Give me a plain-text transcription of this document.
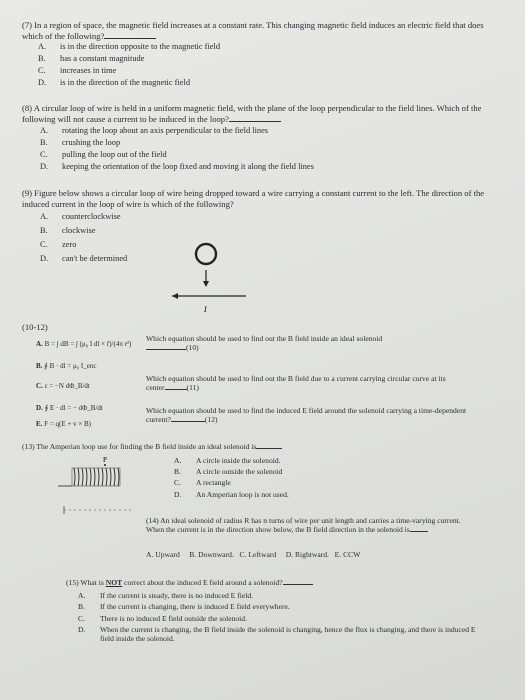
(7) In a region of space, the magnetic field increases at a constant rate. This changing magnetic field induces an electric field that does which of the following?
A. is in the direction opposite to the magnetic field
B. has a constant magnitude
C. increases in time
D. is in the direction of the magnetic field
(8) A circular loop of wire is held in a uniform magnetic field, with the plane of the loop perpendicular to the field lines. Which of the following will not cause a current to be induced in the loop?
A. rotating the loop about an axis perpendicular to the field lines
B. crushing the loop
C. pulling the loop out of the field
D. keeping the orientation of the loop fixed and moving it along the field lines
(9) Figure below shows a circular loop of wire being dropped toward a wire carrying a constant current to the left. The direction of the induced current in the loop of wire is which of the following?
A. counterclockwise
B. clockwise
C. zero
D. can't be determined
I
(10-12)
A. B = ∫ dB = ∫ (μ₀ I dl × r̂)/(4π r²)
B. ∮ B · dl = μ₀ I_enc
C. ε = −N dΦ_B/dt
D. ∮ E · dl = − dΦ_B/dt
E. F = q(E + v × B)
Which equation should be used to find out the B field inside an ideal solenoid
(10)
Which equation should be used to find out the B field due to a current carrying circular curve at its center	(11)
Which equation should be used to find the induced E field around the solenoid carrying a time-dependent current?	(12)
(13) The Amperian loop use for finding the B field inside an ideal solenoid is
A. A circle inside the solenoid.
B. A circle outside the solenoid
C. A rectangle
D. An Amperian loop is not used.
P
(14) An ideal solenoid of radius R has n turns of wire per unit length and carries a time-varying current. When the current is in the direction show below, the B field direction in the solenoid is
A. Upward B. Downward. C. Leftward D. Rightward. E. CCW
(15) What is NOT correct about the induced E field around a solenoid?
A. If the current is steady, there is no induced E field.
B. If the current is changing, there is induced E field everywhere.
C. There is no induced E field outside the solenoid.
D.	When the current is changing, the B field inside the solenoid is changing, hence the flux is changing, and there is induced E field inside the solenoid.
